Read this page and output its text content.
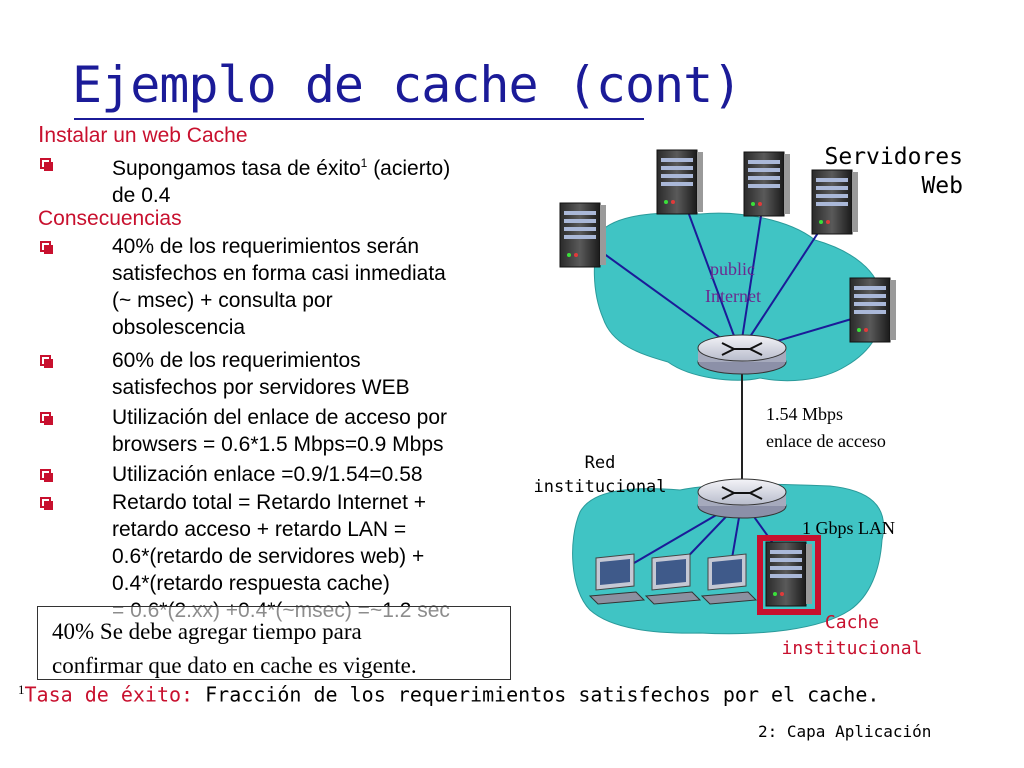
Ejemplo de cache (cont)
Instalar un web Cache
Supongamos tasa de éxito$^1$ (acierto)
de 0.4
Consecuencias
40% de los requerimientos serán
satisfechos en forma casi inmediata
(~ msec) + consulta por
obsolescencia
60% de los requerimientos
satisfechos por servidores WEB
Utilización del enlace de acceso por
browsers = 0.6*1.5 Mbps=0.9 Mbps
Utilización enlace =0.9/1.54=0.58
Retardo total = Retardo Internet +
retardo acceso + retardo LAN =
0.6*(retardo de servidores web) +
0.4*(retardo respuesta cache)
40% Se debe agregar tiempo para
confirmar que dato en cache es vigente.
Servidores
Web
public
Internet
1.54 Mbps
enlace de acceso
Red
institucional
1 Gbps LAN
Cache
institucional
$^1$Tasa de éxito: Fracción de los requerimientos satisfechos por el cache.
2: Capa Aplicación
